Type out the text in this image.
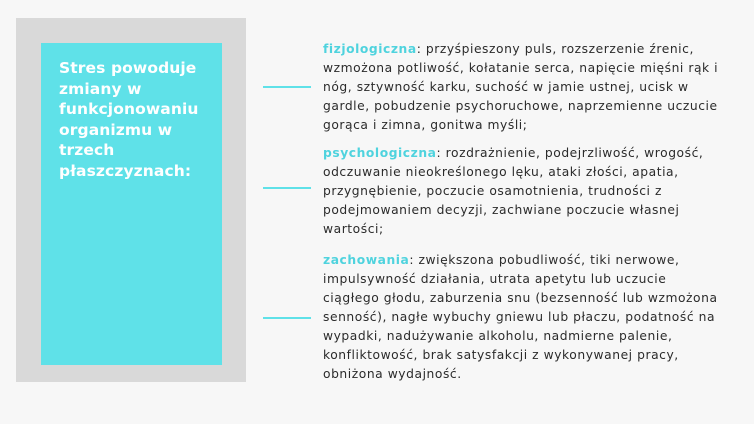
Stres powoduje zmiany w funkcjonowaniu organizmu w trzech płaszczyznach:

fizjologiczna: przyśpieszony puls, rozszerzenie źrenic, wzmożona potliwość, kołatanie serca, napięcie mięśni rąk i nóg, sztywność karku, suchość w jamie ustnej, ucisk w gardle, pobudzenie psychoruchowe, naprzemienne uczucie gorąca i zimna, gonitwa myśli;

psychologiczna: rozdrażnienie, podejrzliwość, wrogość, odczuwanie nieokreślonego lęku, ataki złości, apatia, przygnębienie, poczucie osamotnienia, trudności z podejmowaniem decyzji, zachwiane poczucie własnej wartości;

zachowania: zwiększona pobudliwość, tiki nerwowe, impulsywność działania, utrata apetytu lub uczucie ciągłego głodu, zaburzenia snu (bezsenność lub wzmożona senność), nagłe wybuchy gniewu lub płaczu, podatność na wypadki, nadużywanie alkoholu, nadmierne palenie, konfliktowość, brak satysfakcji z wykonywanej pracy, obniżona wydajność.
